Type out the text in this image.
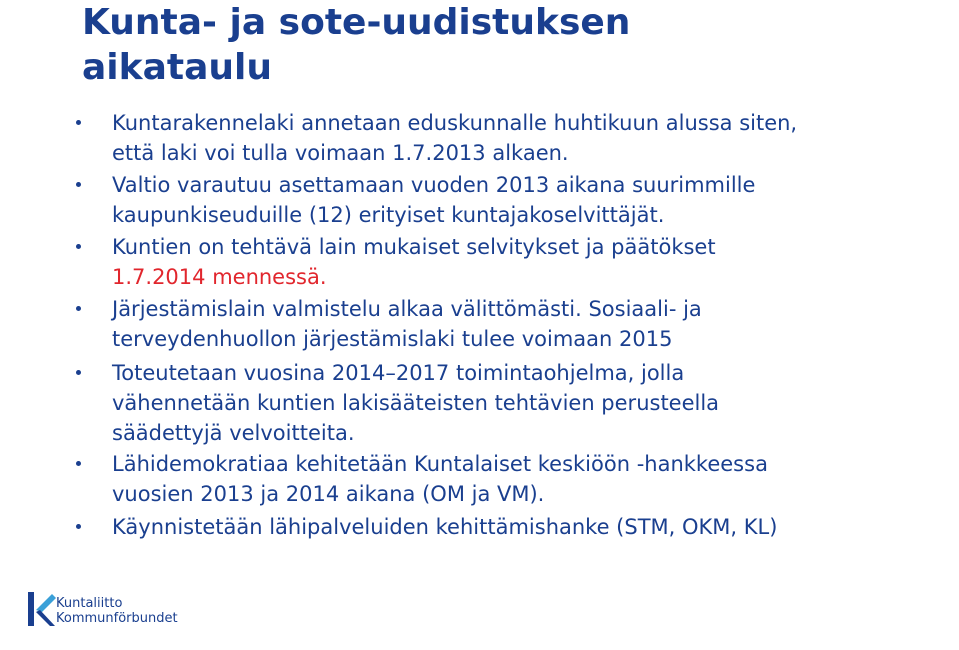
Kunta- ja sote-uudistuksen
aikataulu
Kuntarakennelaki annetaan eduskunnalle huhtikuun alussa siten,
että laki voi tulla voimaan 1.7.2013 alkaen.
Valtio varautuu asettamaan vuoden 2013 aikana suurimmille
kaupunkiseuduille (12) erityiset kuntajakoselvittäjät.
Kuntien on tehtävä lain mukaiset selvitykset ja päätökset
1.7.2014 mennessä.
Järjestämislain valmistelu alkaa välittömästi. Sosiaali- ja
terveydenhuollon järjestämislaki tulee voimaan 2015
Toteutetaan vuosina 2014–2017 toimintaohjelma, jolla
vähennetään kuntien lakisääteisten tehtävien perusteella
säädettyjä velvoitteita.
Lähidemokratiaa kehitetään Kuntalaiset keskiöön -hankkeessa
vuosien 2013 ja 2014 aikana (OM ja VM).
Käynnistetään lähipalveluiden kehittämishanke (STM, OKM, KL)
Kuntaliitto
Kommunförbundet
